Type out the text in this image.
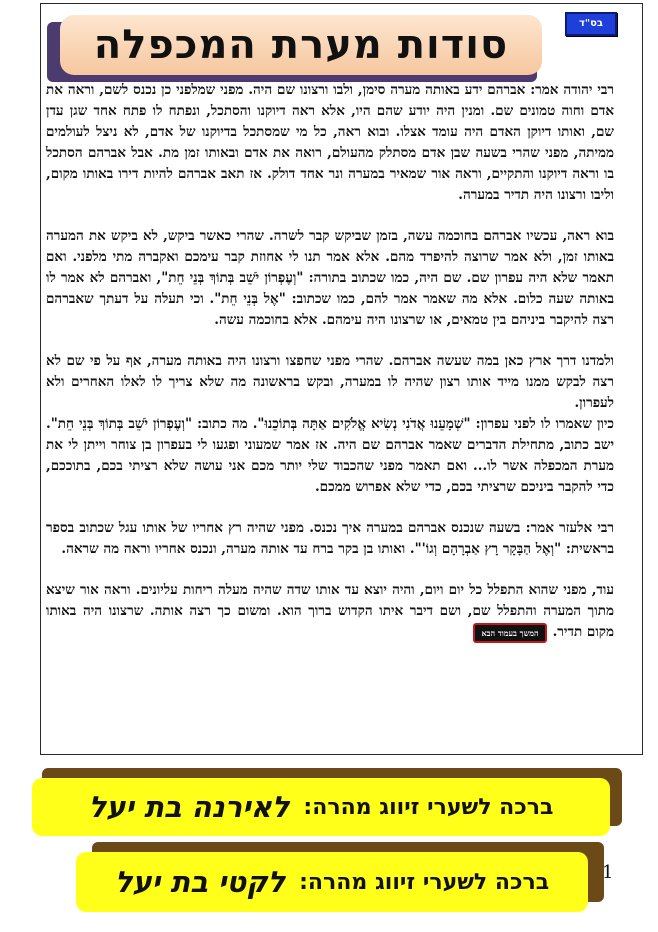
בס"ד
סודות מערת המכפלה

רבי יהודה אמר: אברהם ידע באותה מערה סימן, ולבו ורצונו שם היה. מפני שמלפני כן נכנס לשם, וראה את אדם וחוה טמונים שם. ומנין היה יודע שהם היו, אלא ראה דיוקנו והסתכל, ונפתח לו פתח אחד שגן עדן שם, ואותו דיוקן האדם היה עומד אצלו. ובוא ראה, כל מי שמסתכל בדיוקנו של אדם, לא ניצל לעולמים ממיתה, מפני שהרי בשעה שבן אדם מסתלק מהעולם, רואה את אדם ובאותו זמן מת. אבל אברהם הסתכל בו וראה דיוקנו והתקיים, וראה אור שמאיר במערה ונר אחד דולק. אז תאב אברהם להיות דירו באותו מקום, וליבו ורצונו היה תדיר במערה.

בוא ראה, עכשיו אברהם בחוכמה עשה, בזמן שביקש קבר לשרה. שהרי כאשר ביקש, לא ביקש את המערה באותו זמן, ולא אמר שרוצה להיפרד מהם. אלא אמר תנו לי אחוזת קבר עימכם ואקברה מתי מלפני. ואם תאמר שלא היה עפרון שם. שם היה, כמו שכתוב בתורה: "וְעֶפְרוֹן יֹשֵׁב בְּתוֹךְ בְּנֵי חֵת", ואברהם לא אמר לו באותה שעה כלום. אלא מה שאמר אמר להם, כמו שכתוב: "אֶל בְּנֵי חֵת". וכי תעלה על דעתך שאברהם רצה להיקבר ביניהם בין טמאים, או שרצונו היה עימהם. אלא בחוכמה עשה.

ולמדנו דרך ארץ כאן במה שעשה אברהם. שהרי מפני שחפצו ורצונו היה באותה מערה, אף על פי שם לא רצה לבקש ממנו מייד אותו רצון שהיה לו במערה, ובקש בראשונה מה שלא צריך לו לאלו האחרים ולא לעפרון.

כיון שאמרו לו לפני עפרון: "שְׁמָעֵנוּ אֲדֹנִי נְשִׂיא אֱלֹקִים אַתָּה בְּתוֹכֵנוּ". מה כתוב: "וְעֶפְרוֹן יֹשֵׁב בְּתוֹךְ בְּנֵי חֵת". ישב כתוב, מתחילת הדברים שאמר אברהם שם היה. אז אמר שמעוני ופגעו לי בעפרון בן צוחר וייתן לי את מערת המכפלה אשר לו... ואם תאמר מפני שהכבוד שלי יותר מכם אני עושה שלא רציתי בכם, בתוככם, כדי להקבר ביניכם שרציתי בכם, כדי שלא אפרוש ממכם.

רבי אלעזר אמר: בשעה שנכנס אברהם במערה איך נכנס. מפני שהיה רץ אחריו של אותו עגל שכתוב בספר בראשית: "וְאֶל הַבָּקָר רָץ אַבְרָהָם וְגוֹ'". ואותו בן בקר ברח עד אותה מערה, ונכנס אחריו וראה מה שראה.

עוד, מפני שהוא התפלל כל יום ויום, והיה יוצא עד אותו שדה שהיה מעלה ריחות עליונים. וראה אור שיצא מתוך המערה והתפלל שם, ושם דיבר איתו הקדוש ברוך הוא. ומשום כך רצה אותה. שרצונו היה באותו מקום תדיר.המשך בעמוד הבא

ברכה לשערי זיווג מהרה:
לאירנה בת יעל
ברכה לשערי זיווג מהרה:
לקטי בת יעל	1
